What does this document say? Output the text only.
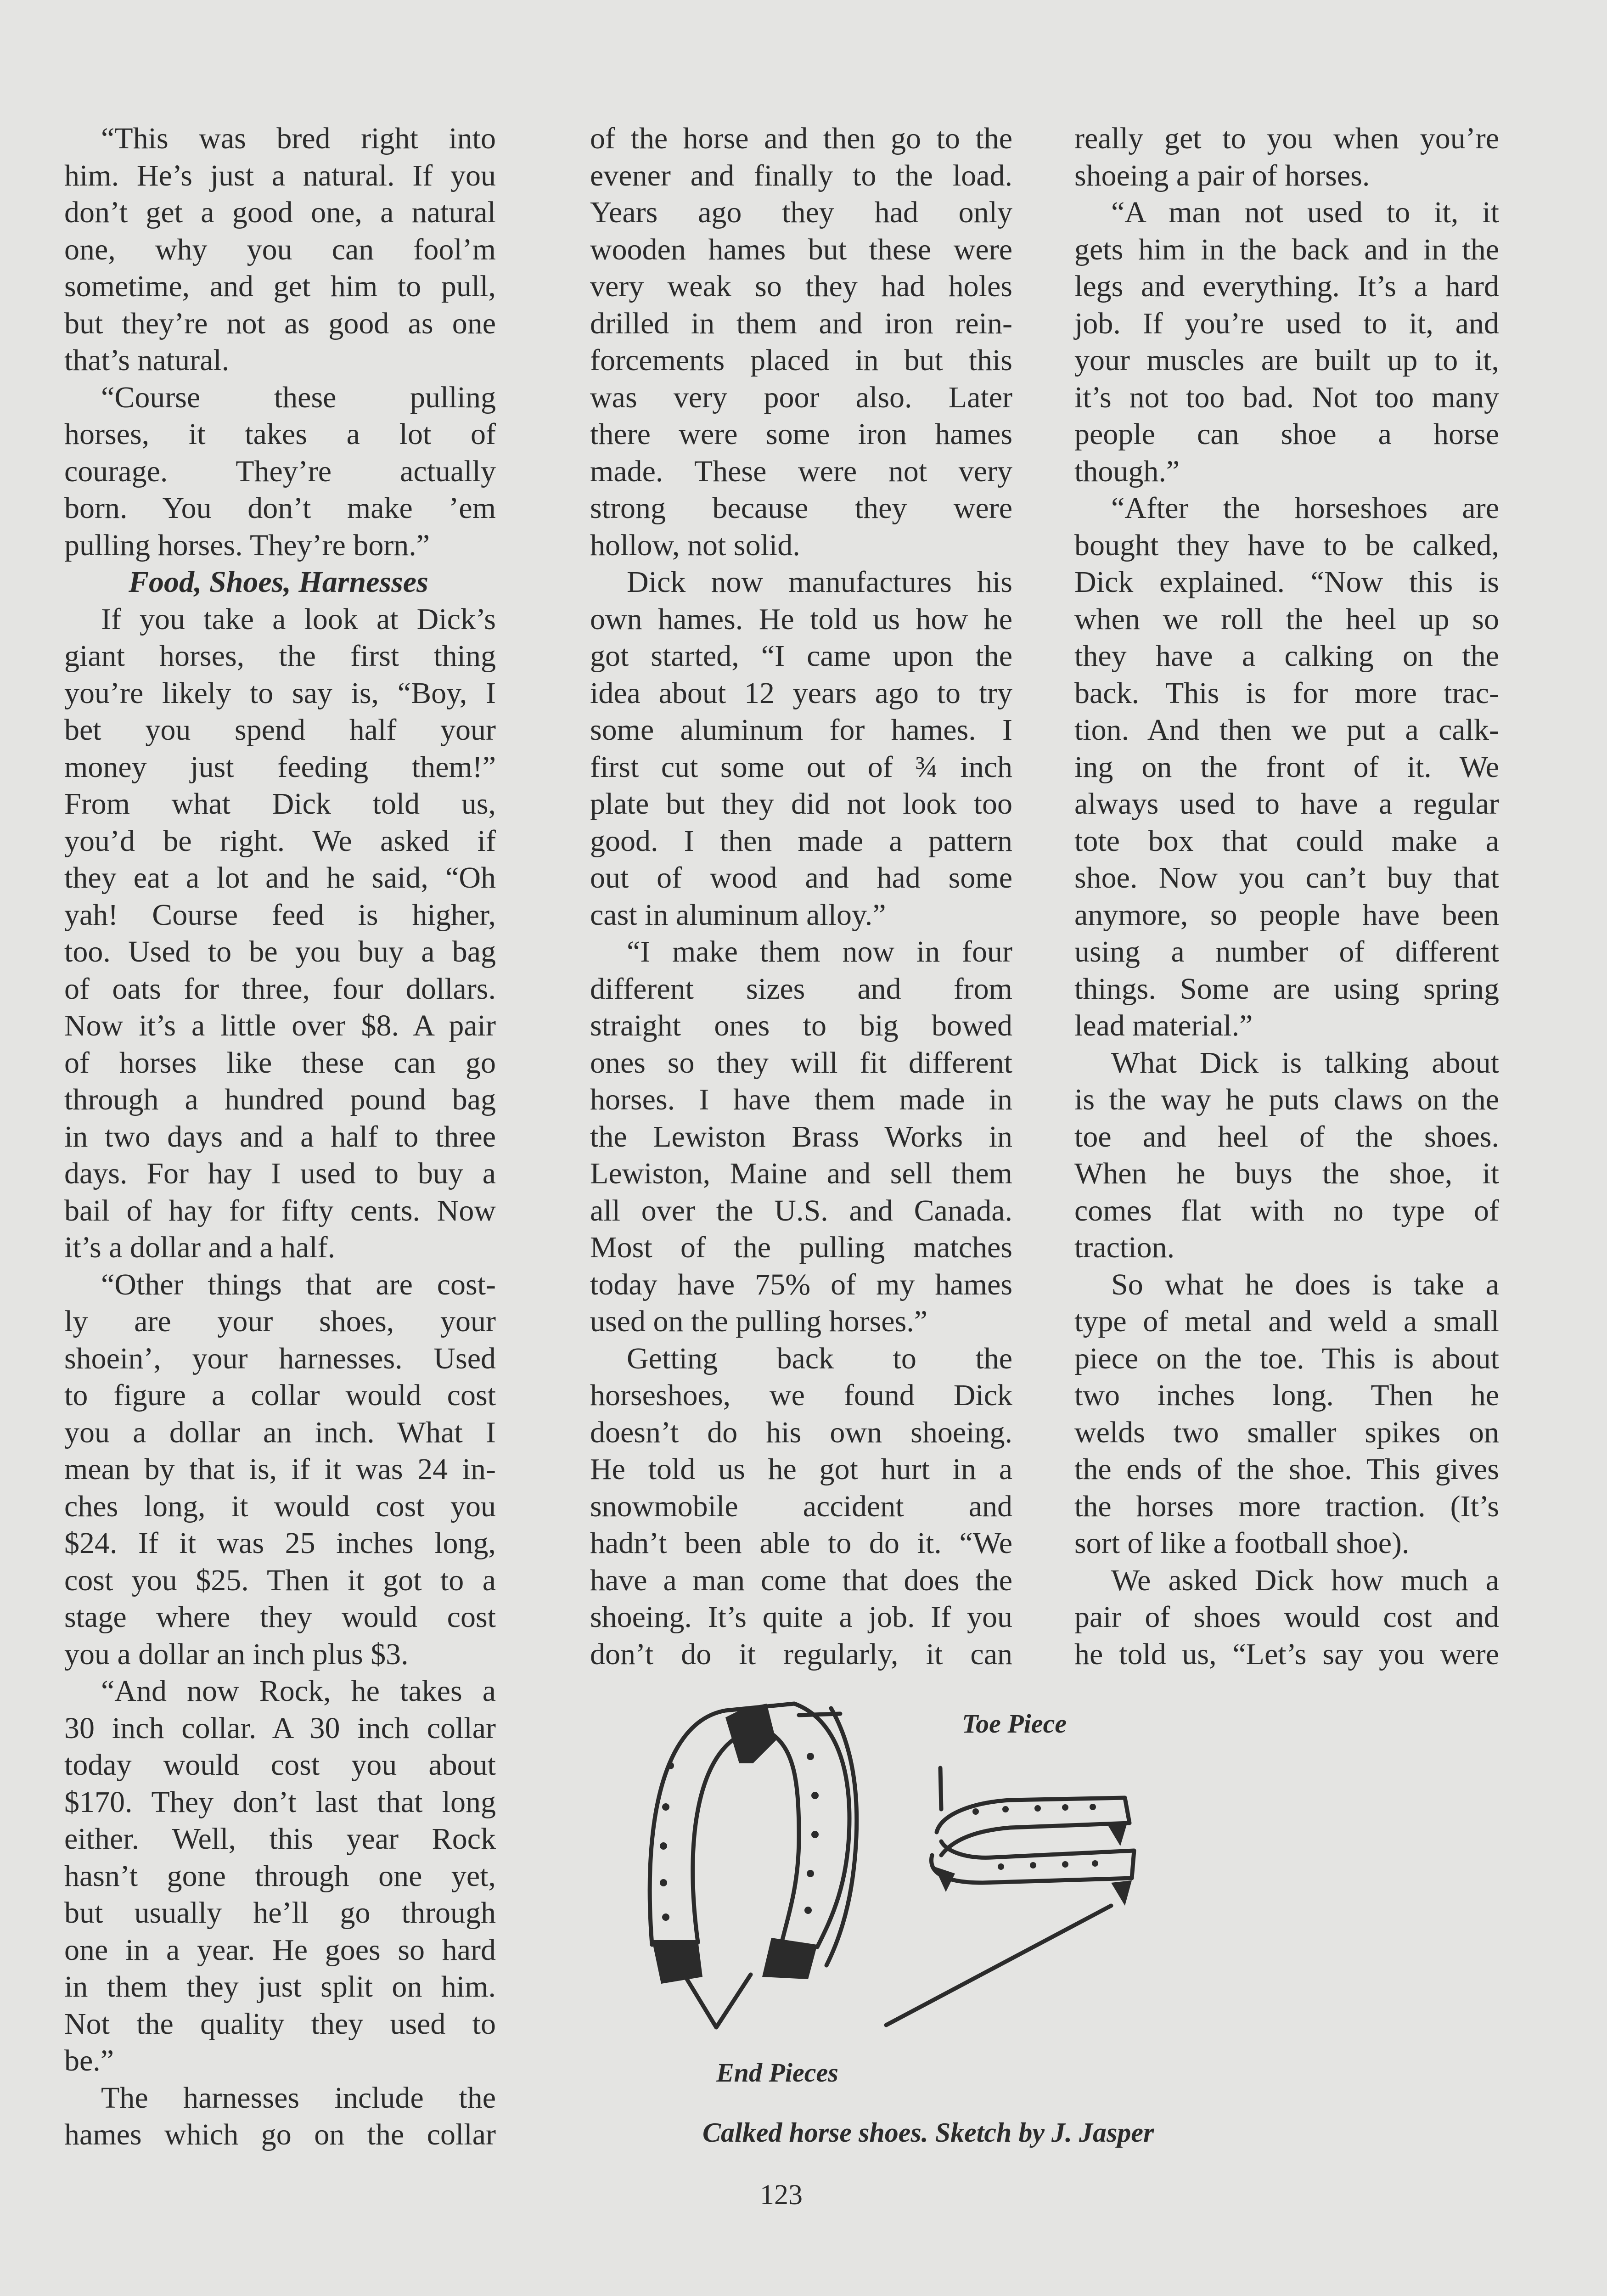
“This was bred right into
him. He’s just a natural. If you
don’t get a good one, a natural
one, why you can fool’m
sometime, and get him to pull,
but they’re not as good as one
that’s natural.
“Course these pulling
horses, it takes a lot of
courage. They’re actually
born. You don’t make ’em
pulling horses. They’re born.”
Food, Shoes, Harnesses
If you take a look at Dick’s
giant horses, the first thing
you’re likely to say is, “Boy, I
bet you spend half your
money just feeding them!”
From what Dick told us,
you’d be right. We asked if
they eat a lot and he said, “Oh
yah! Course feed is higher,
too. Used to be you buy a bag
of oats for three, four dollars.
Now it’s a little over $8. A pair
of horses like these can go
through a hundred pound bag
in two days and a half to three
days. For hay I used to buy a
bail of hay for fifty cents. Now
it’s a dollar and a half.
“Other things that are cost-
ly are your shoes, your
shoein’, your harnesses. Used
to figure a collar would cost
you a dollar an inch. What I
mean by that is, if it was 24 in-
ches long, it would cost you
$24. If it was 25 inches long,
cost you $25. Then it got to a
stage where they would cost
you a dollar an inch plus $3.
“And now Rock, he takes a
30 inch collar. A 30 inch collar
today would cost you about
$170. They don’t last that long
either. Well, this year Rock
hasn’t gone through one yet,
but usually he’ll go through
one in a year. He goes so hard
in them they just split on him.
Not the quality they used to
be.”
The harnesses include the
hames which go on the collar
of the horse and then go to the
evener and finally to the load.
Years ago they had only
wooden hames but these were
very weak so they had holes
drilled in them and iron rein-
forcements placed in but this
was very poor also. Later
there were some iron hames
made. These were not very
strong because they were
hollow, not solid.
Dick now manufactures his
own hames. He told us how he
got started, “I came upon the
idea about 12 years ago to try
some aluminum for hames. I
first cut some out of ¾ inch
plate but they did not look too
good. I then made a pattern
out of wood and had some
cast in aluminum alloy.”
“I make them now in four
different sizes and from
straight ones to big bowed
ones so they will fit different
horses. I have them made in
the Lewiston Brass Works in
Lewiston, Maine and sell them
all over the U.S. and Canada.
Most of the pulling matches
today have 75% of my hames
used on the pulling horses.”
Getting back to the
horseshoes, we found Dick
doesn’t do his own shoeing.
He told us he got hurt in a
snowmobile accident and
hadn’t been able to do it. “We
have a man come that does the
shoeing. It’s quite a job. If you
don’t do it regularly, it can
really get to you when you’re
shoeing a pair of horses.
“A man not used to it, it
gets him in the back and in the
legs and everything. It’s a hard
job. If you’re used to it, and
your muscles are built up to it,
it’s not too bad. Not too many
people can shoe a horse
though.”
“After the horseshoes are
bought they have to be calked,
Dick explained. “Now this is
when we roll the heel up so
they have a calking on the
back. This is for more trac-
tion. And then we put a calk-
ing on the front of it. We
always used to have a regular
tote box that could make a
shoe. Now you can’t buy that
anymore, so people have been
using a number of different
things. Some are using spring
lead material.”
What Dick is talking about
is the way he puts claws on the
toe and heel of the shoes.
When he buys the shoe, it
comes flat with no type of
traction.
So what he does is take a
type of metal and weld a small
piece on the toe. This is about
two inches long. Then he
welds two smaller spikes on
the ends of the shoe. This gives
the horses more traction. (It’s
sort of like a football shoe).
We asked Dick how much a
pair of shoes would cost and
he told us, “Let’s say you were
Toe Piece
End Pieces
Calked horse shoes. Sketch by J. Jasper
123
